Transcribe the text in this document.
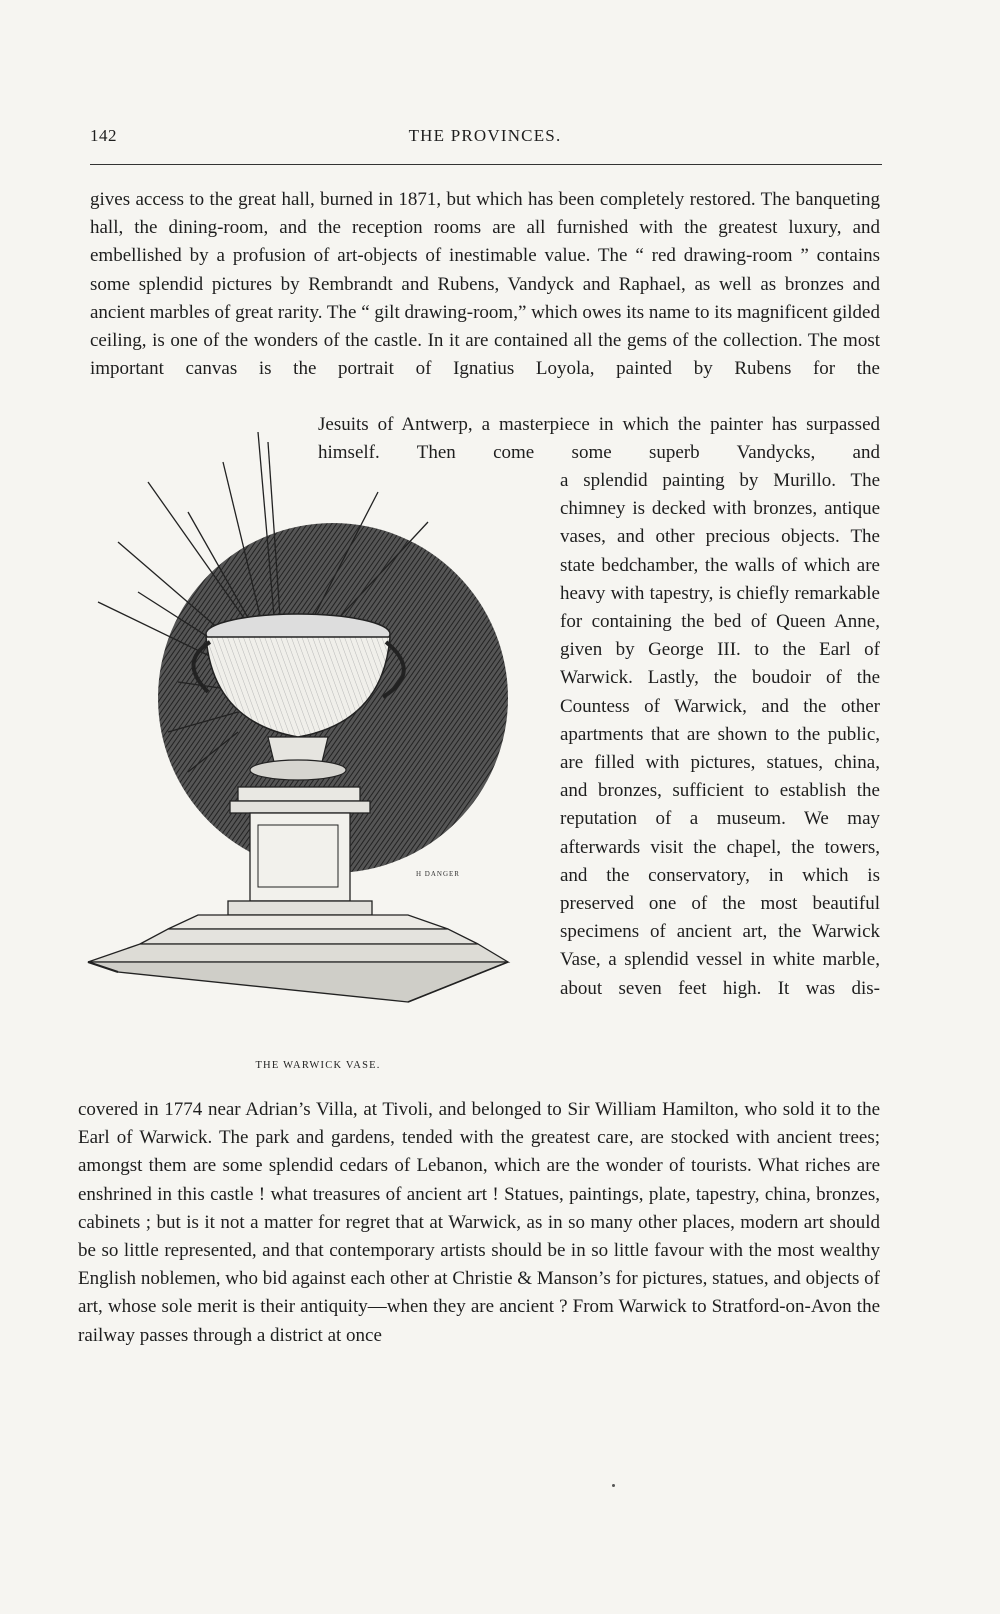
142	THE PROVINCES.
gives access to the great hall, burned in 1871, but which has been completely restored. The banqueting hall, the dining-room, and the reception rooms are all furnished with the greatest luxury, and embellished by a profusion of art-objects of inestimable value. The “ red drawing-room ” contains some splendid pictures by Rembrandt and Rubens, Vandyck and Raphael, as well as bronzes and ancient marbles of great rarity. The “ gilt drawing-room,” which owes its name to its magnificent gilded ceiling, is one of the wonders of the castle. In it are contained all the gems of the collection. The most important canvas is the portrait of Ignatius Loyola, painted by Rubens for the
Jesuits of Antwerp, a masterpiece in which the painter has surpassed himself. Then come some superb Vandycks, and
a splendid painting by Murillo. The chimney is decked with bronzes, antique vases, and other precious objects. The state bedchamber, the walls of which are heavy with tapestry, is chiefly remarkable for containing the bed of Queen Anne, given by George III. to the Earl of Warwick. Lastly, the boudoir of the Countess of Warwick, and the other apartments that are shown to the public, are filled with pictures, statues, china, and bronzes, sufficient to establish the reputation of a museum. We may afterwards visit the chapel, the towers, and the conservatory, in which is preserved one of the most beautiful specimens of ancient art, the Warwick Vase, a splendid vessel in white marble, about seven feet high. It was dis-
covered in 1774 near Adrian’s Villa, at Tivoli, and belonged to Sir William Hamilton, who sold it to the Earl of Warwick. The park and gardens, tended with the greatest care, are stocked with ancient trees; amongst them are some splendid cedars of Lebanon, which are the wonder of tourists. What riches are enshrined in this castle ! what treasures of ancient art ! Statues, paintings, plate, tapestry, china, bronzes, cabinets ; but is it not a matter for regret that at Warwick, as in so many other places, modern art should be so little represented, and that contemporary artists should be in so little favour with the most wealthy English noblemen, who bid against each other at Christie & Manson’s for pictures, statues, and objects of art, whose sole merit is their antiquity—when they are ancient ? From Warwick to Stratford-on-Avon the railway passes through a district at once
H DANGER
THE WARWICK VASE.
